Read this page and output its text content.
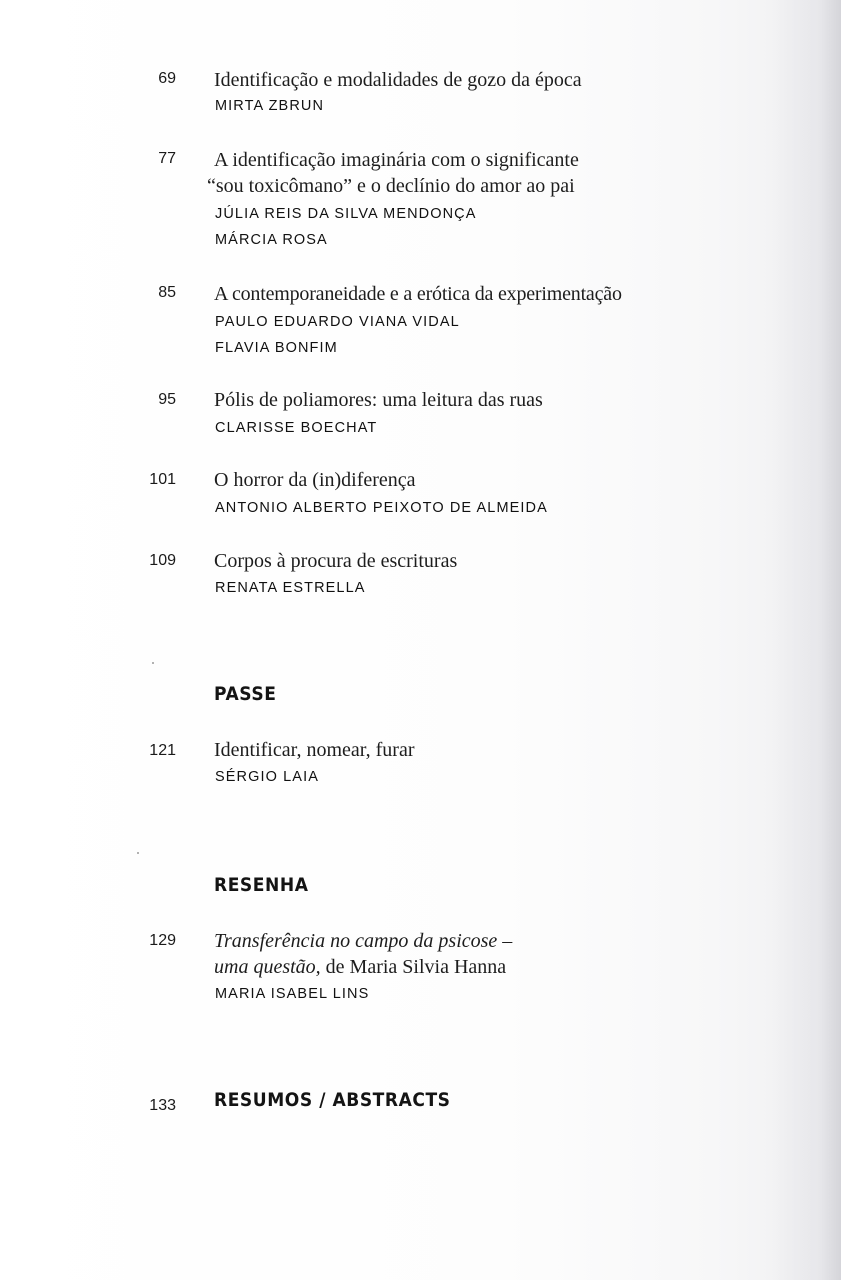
69 Identificação e modalidades de gozo da época
MIRTA ZBRUN
77 A identificação imaginária com o significante
“sou toxicômano” e o declínio do amor ao pai
JÚLIA REIS DA SILVA MENDONÇA
MÁRCIA ROSA
85 A contemporaneidade e a erótica da experimentação
PAULO EDUARDO VIANA VIDAL
FLAVIA BONFIM
95 Pólis de poliamores: uma leitura das ruas
CLARISSE BOECHAT
101 O horror da (in)diferença
ANTONIO ALBERTO PEIXOTO DE ALMEIDA
109 Corpos à procura de escrituras
RENATA ESTRELLA
PASSE
121 Identificar, nomear, furar
SÉRGIO LAIA
RESENHA
129 Transferência no campo da psicose –
uma questão, de Maria Silvia Hanna
MARIA ISABEL LINS
133 RESUMOS / ABSTRACTS
